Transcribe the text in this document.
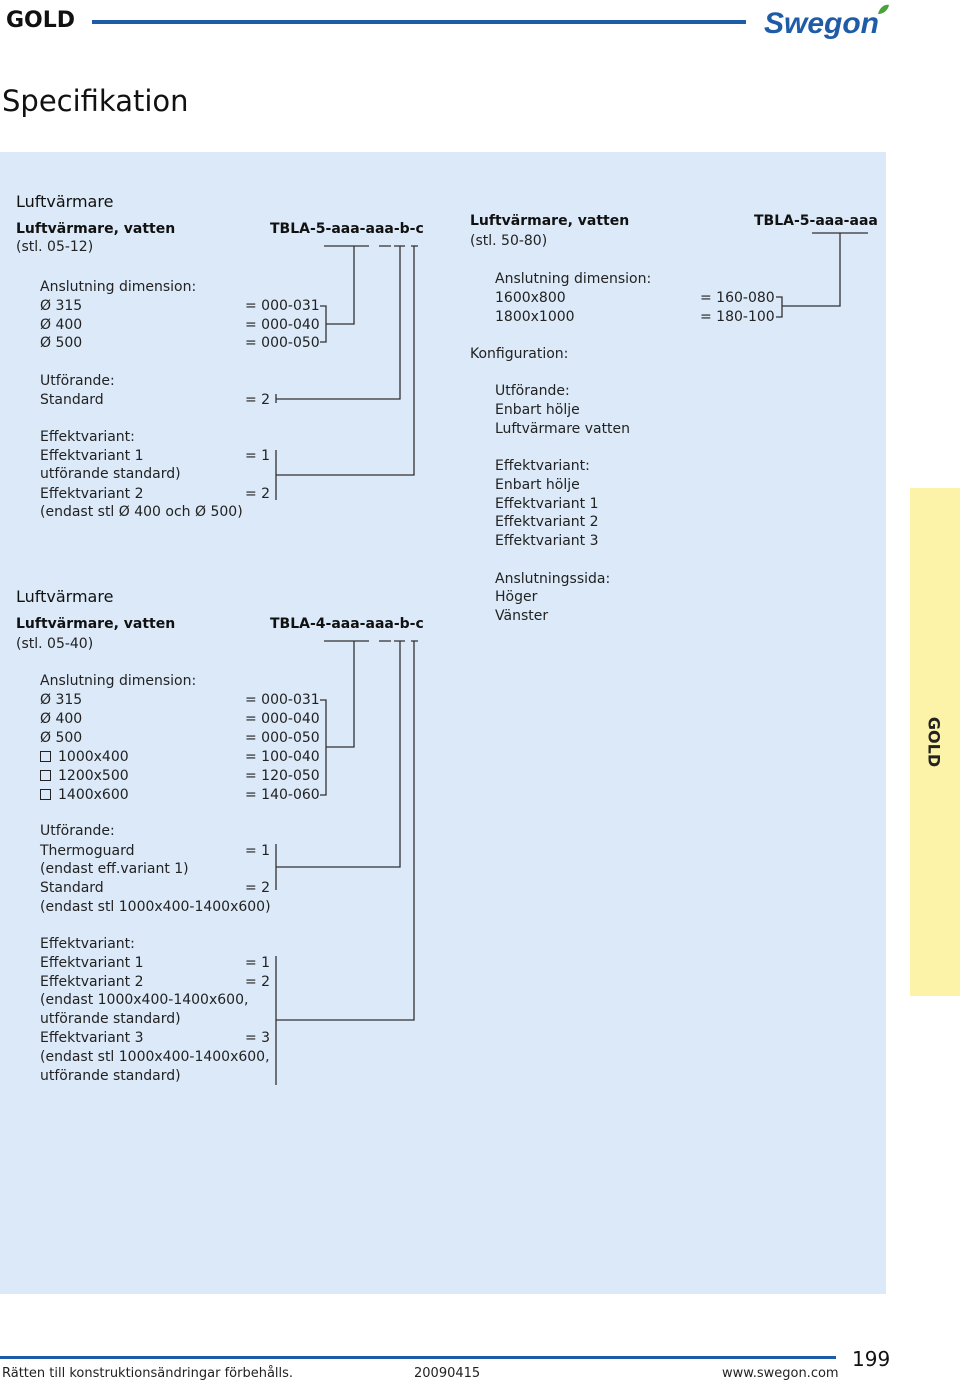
GOLD	Swegon
Specifikation
GOLD
Luftvärmare
Luftvärmare, vatten
(stl. 05-12)
TBLA-5-aaa-aaa-b-c
Anslutning dimension:
Ø 315	= 000-031
Ø 400	= 000-040
Ø 500	= 000-050
Utförande:
Standard	= 2
Effektvariant:
Effektvariant 1	= 1
utförande standard)
Effektvariant 2	= 2
(endast stl Ø 400 och Ø 500)
Luftvärmare
Luftvärmare, vatten
(stl. 05-40)
TBLA-4-aaa-aaa-b-c
Anslutning dimension:
Ø 315	= 000-031
Ø 400	= 000-040
Ø 500	= 000-050
1000x400	= 100-040
1200x500	= 120-050
1400x600	= 140-060
Utförande:
Thermoguard	= 1
(endast eff.variant 1)
Standard	= 2
(endast stl 1000x400-1400x600)
Effektvariant:
Effektvariant 1	= 1
Effektvariant 2	= 2
(endast 1000x400-1400x600,
utförande standard)
Effektvariant 3	= 3
(endast stl 1000x400-1400x600,
utförande standard)
Luftvärmare, vatten
(stl. 50-80)
TBLA-5-aaa-aaa
Anslutning dimension:
1600x800	= 160-080
1800x1000	= 180-100
Konfiguration:
Utförande:
Enbart hölje
Luftvärmare vatten
Effektvariant:
Enbart hölje
Effektvariant 1
Effektvariant 2
Effektvariant 3
Anslutningssida:
Höger
Vänster
199
Rätten till konstruktionsändringar förbehålls.	20090415	www.swegon.com
